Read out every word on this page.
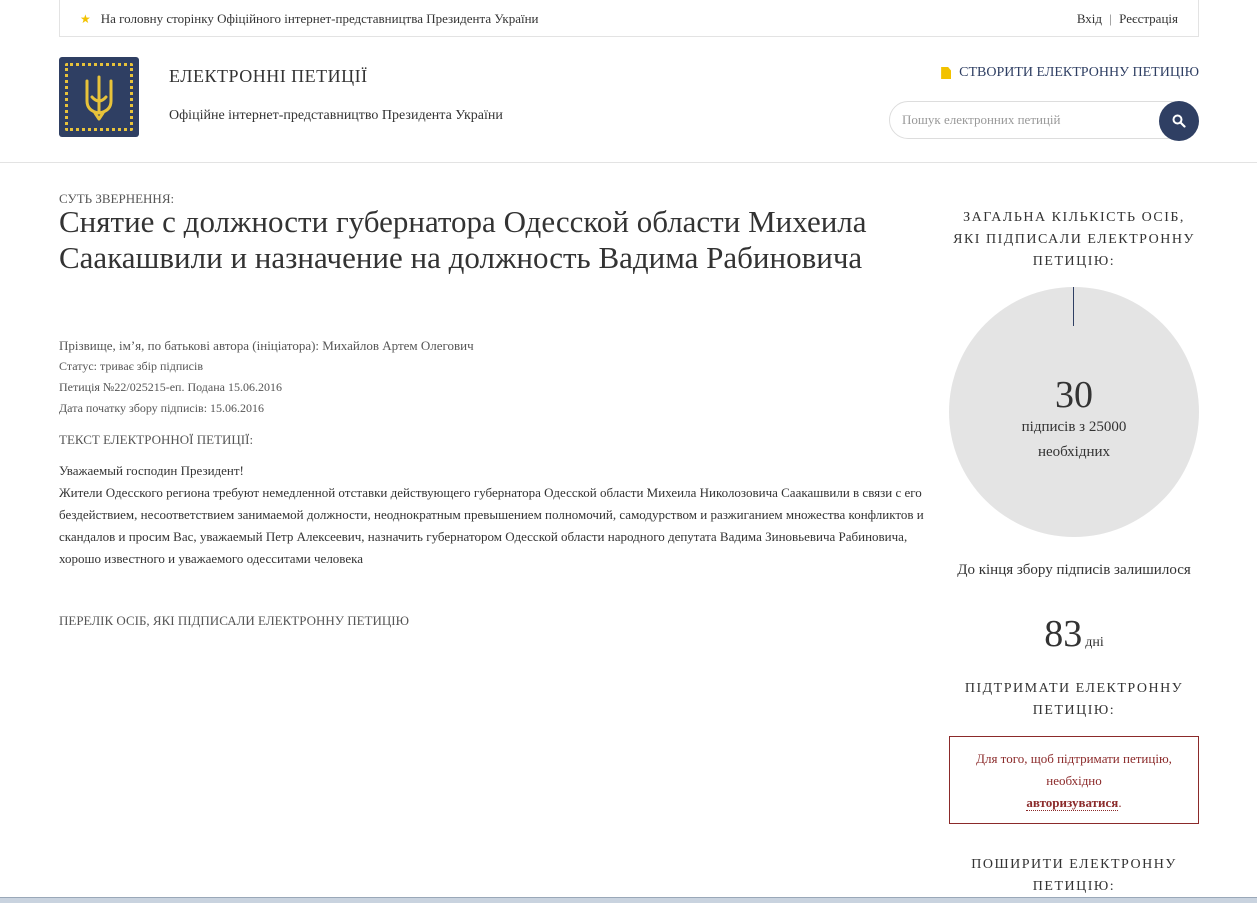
★ На головну сторінку Офіційного інтернет-представництва Президента України	Вхід | Реєстрація
ЕЛЕКТРОННІ ПЕТИЦІЇ
Офіційне інтернет-представництво Президента України
СТВОРИТИ ЕЛЕКТРОННУ ПЕТИЦІЮ
Пошук електронних петицій
СУТЬ ЗВЕРНЕННЯ:
Снятие с должности губернатора Одесской области Михеила Саакашвили и назначение на должность Вадима Рабиновича
Прізвище, ім’я, по батькові автора (ініціатора): Михайлов Артем Олегович
Статус: триває збір підписів
Петиція №22/025215-еп. Подана 15.06.2016
Дата початку збору підписів: 15.06.2016
ТЕКСТ ЕЛЕКТРОННОЇ ПЕТИЦІЇ:
Уважаемый господин Президент!
Жители Одесского региона требуют немедленной отставки действующего губернатора Одесской области Михеила Николозовича Саакашвили в связи с его бездействием, несоответствием занимаемой должности, неоднократным превышением полномочий, самодурством и разжиганием множества конфликтов и скандалов и просим Вас, уважаемый Петр Алексеевич, назначить губернатором Одесской области народного депутата Вадима Зиновьевича Рабиновича, хорошо известного и уважаемого одесситами человека
ПЕРЕЛІК ОСІБ, ЯКІ ПІДПИСАЛИ ЕЛЕКТРОННУ ПЕТИЦІЮ
ЗАГАЛЬНА КІЛЬКІСТЬ ОСІБ, ЯКІ ПІДПИСАЛИ ЕЛЕКТРОННУ ПЕТИЦІЮ:
30
підписів з 25000
необхідних
До кінця збору підписів залишилося
83 дні
ПІДТРИМАТИ ЕЛЕКТРОННУ ПЕТИЦІЮ:
Для того, щоб підтримати петицію, необхідно
авторизуватися.
ПОШИРИТИ ЕЛЕКТРОННУ ПЕТИЦІЮ:
